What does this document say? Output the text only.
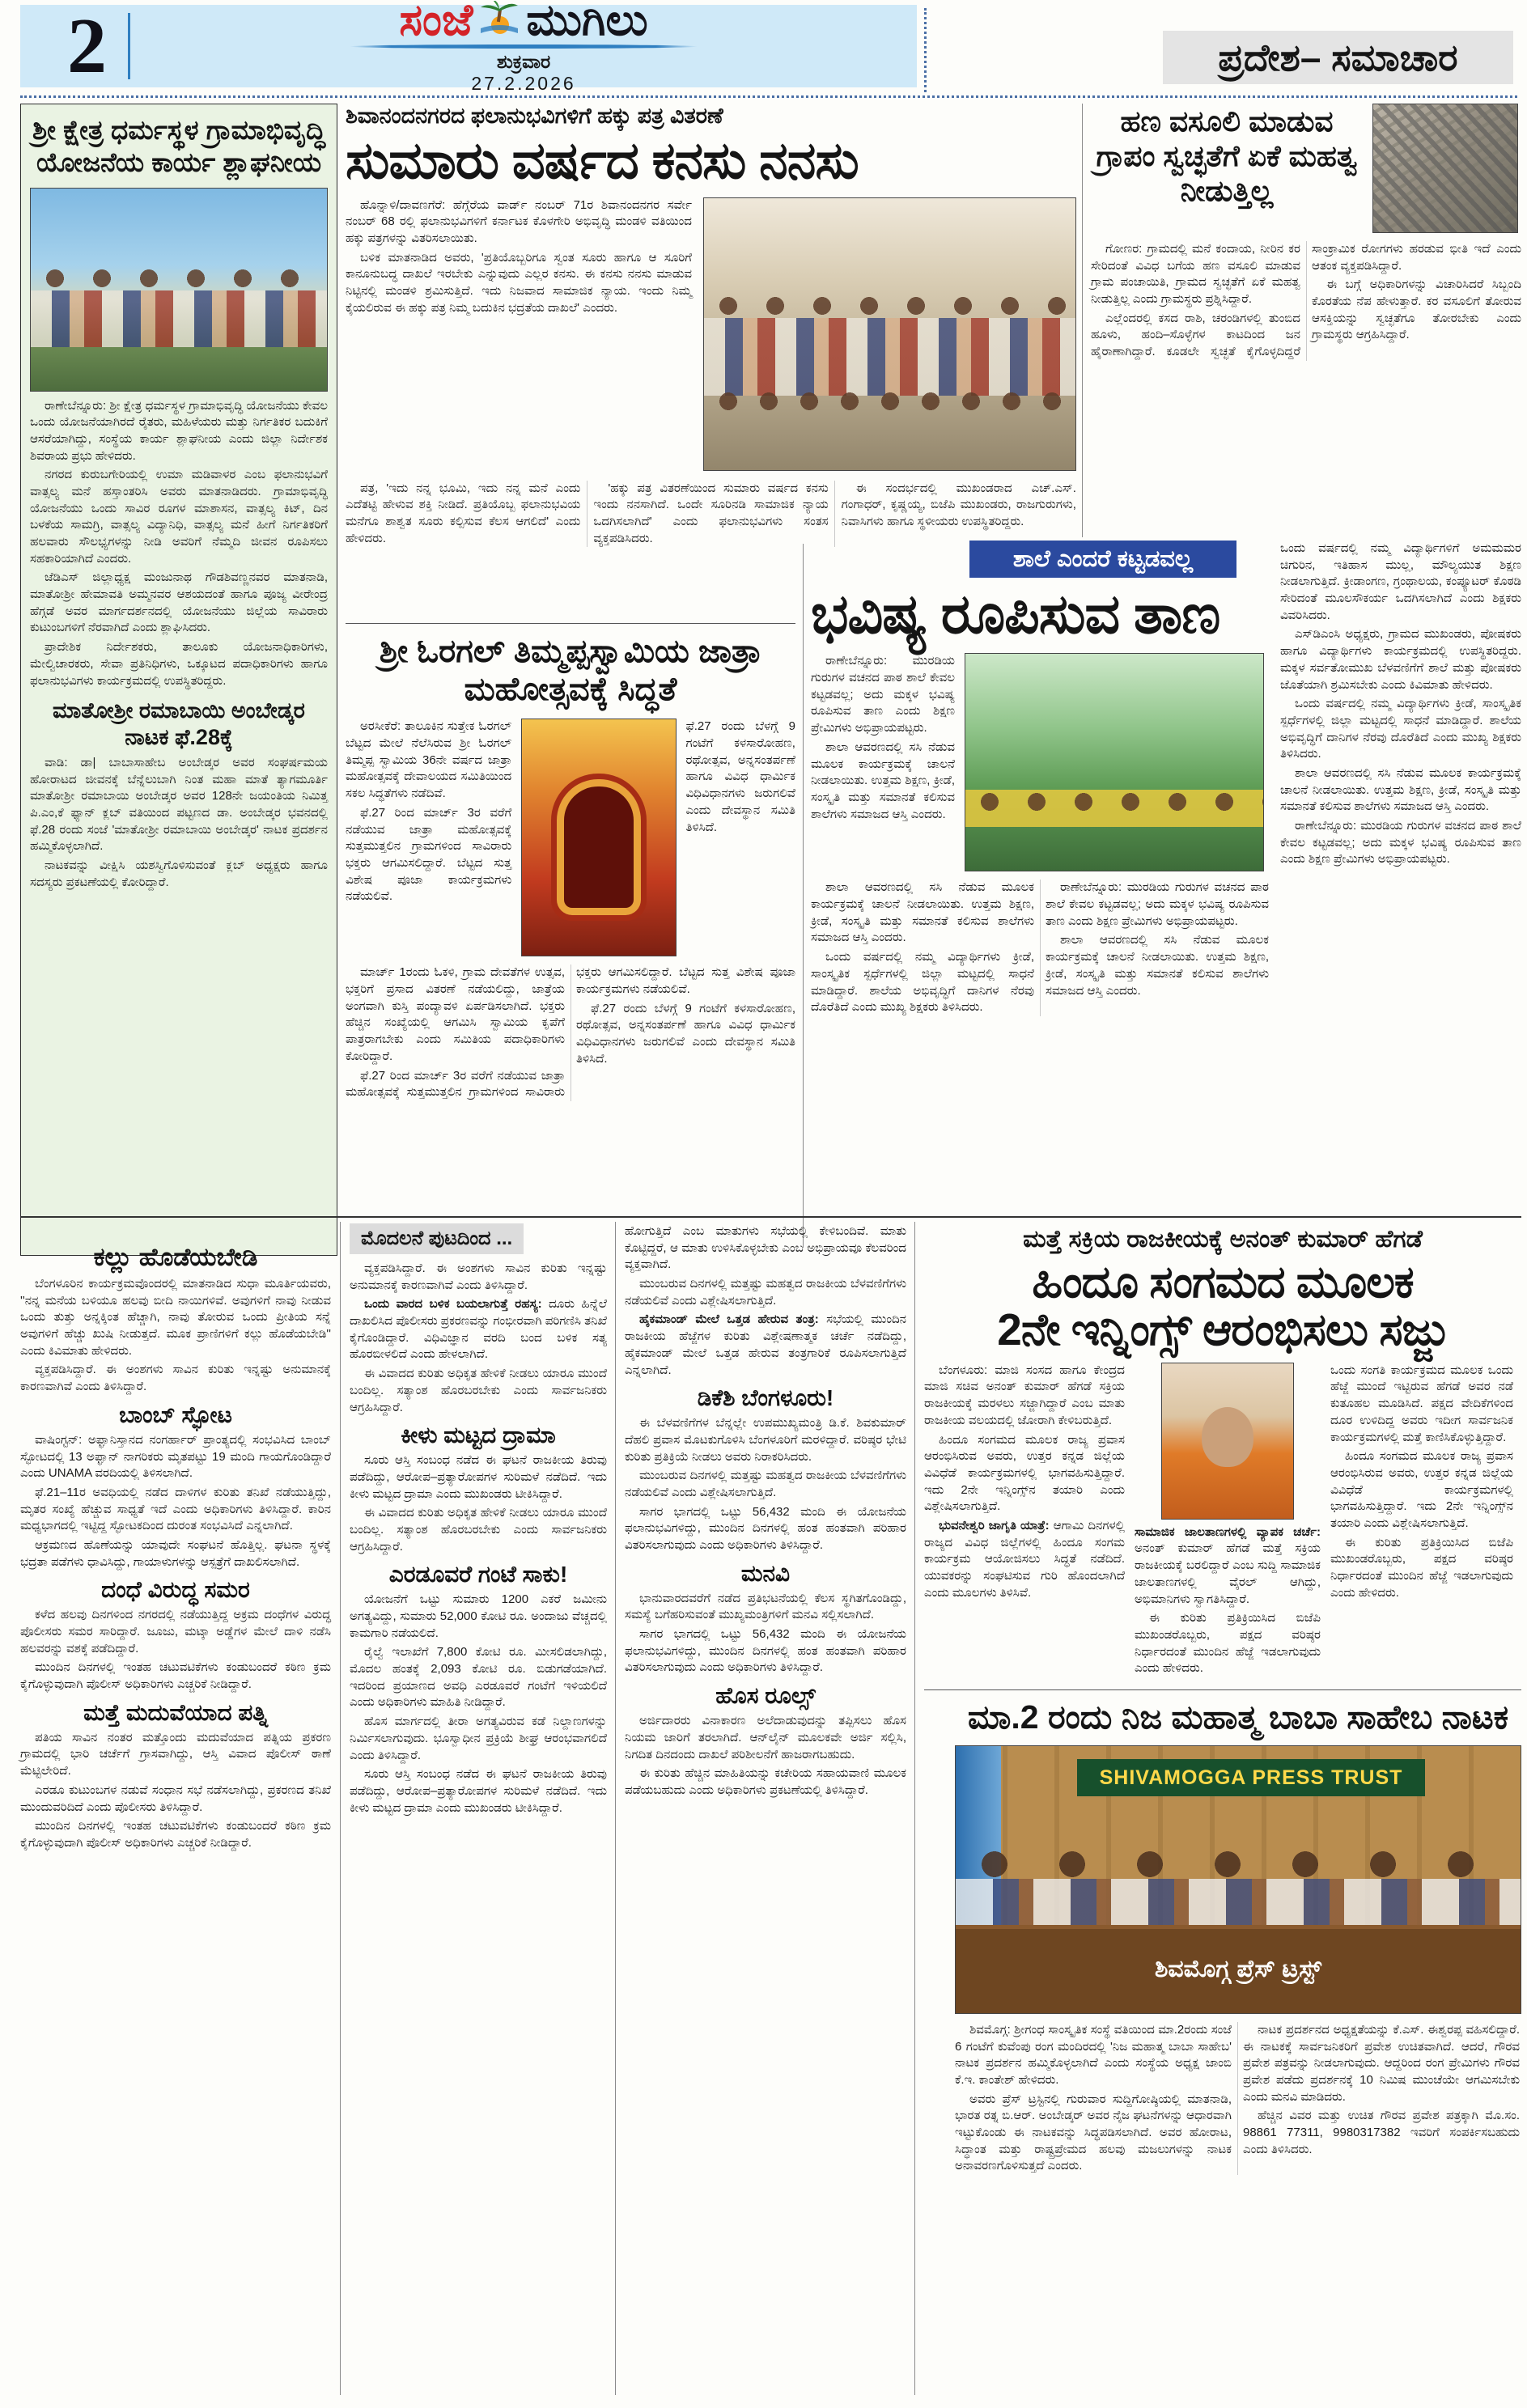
2	ಸಂಜೆ ಮುಗಿಲು
ಶುಕ್ರವಾರ
27.2.2026
ಪ್ರದೇಶ– ಸಮಾಚಾರ
ಶ್ರೀ ಕ್ಷೇತ್ರ ಧರ್ಮಸ್ಥಳ ಗ್ರಾಮಾಭಿವೃದ್ಧಿ ಯೋಜನೆಯ ಕಾರ್ಯ ಶ್ಲಾಘನೀಯ

ರಾಣೇಬೆನ್ನೂರು: ಶ್ರೀ ಕ್ಷೇತ್ರ ಧರ್ಮಸ್ಥಳ ಗ್ರಾಮಾಭಿವೃದ್ಧಿ ಯೋಜನೆಯು ಕೇವಲ ಒಂದು ಯೋಜನೆಯಾಗಿರದೆ ರೈತರು, ಮಹಿಳೆಯರು ಮತ್ತು ನಿರ್ಗತಿಕರ ಬದುಕಿಗೆ ಆಸರೆಯಾಗಿದ್ದು, ಸಂಸ್ಥೆಯ ಕಾರ್ಯ ಶ್ಲಾಘನೀಯ ಎಂದು ಜಿಲ್ಲಾ ನಿರ್ದೇಶಕ ಶಿವರಾಯ ಪ್ರಭು ಹೇಳಿದರು.

ನಗರದ ಕುರುಬಗೇರಿಯಲ್ಲಿ ಉಮಾ ಮಡಿವಾಳರ ಎಂಬ ಫಲಾನುಭವಿಗೆ ವಾತ್ಸಲ್ಯ ಮನೆ ಹಸ್ತಾಂತರಿಸಿ ಅವರು ಮಾತನಾಡಿದರು. ಗ್ರಾಮಾಭಿವೃದ್ಧಿ ಯೋಜನೆಯು ಒಂದು ಸಾವಿರ ರೂಗಳ ಮಾಶಾಸನ, ವಾತ್ಸಲ್ಯ ಕಿಟ್, ದಿನ ಬಳಕೆಯ ಸಾಮಗ್ರಿ, ವಾತ್ಸಲ್ಯ ವಿದ್ಯಾನಿಧಿ, ವಾತ್ಸಲ್ಯ ಮನೆ ಹೀಗೆ ನಿರ್ಗತಿಕರಿಗೆ ಹಲವಾರು ಸೌಲಭ್ಯಗಳನ್ನು ನೀಡಿ ಅವರಿಗೆ ನೆಮ್ಮದಿ ಜೀವನ ರೂಪಿಸಲು ಸಹಕಾರಿಯಾಗಿದೆ ಎಂದರು.

ಜೆಡಿಎಸ್ ಜಿಲ್ಲಾಧ್ಯಕ್ಷ ಮಂಜುನಾಥ ಗೌಡಶಿವಣ್ಣನವರ ಮಾತನಾಡಿ, ಮಾತೋಶ್ರೀ ಹೇಮಾವತಿ ಅಮ್ಮನವರ ಆಶಯದಂತೆ ಹಾಗೂ ಪೂಜ್ಯ ವೀರೇಂದ್ರ ಹೆಗ್ಗಡೆ ಅವರ ಮಾರ್ಗದರ್ಶನದಲ್ಲಿ ಯೋಜನೆಯು ಜಿಲ್ಲೆಯ ಸಾವಿರಾರು ಕುಟುಂಬಗಳಿಗೆ ನೆರವಾಗಿದೆ ಎಂದು ಶ್ಲಾಘಿಸಿದರು.

ಪ್ರಾದೇಶಿಕ ನಿರ್ದೇಶಕರು, ತಾಲೂಕು ಯೋಜನಾಧಿಕಾರಿಗಳು, ಮೇಲ್ವಿಚಾರಕರು, ಸೇವಾ ಪ್ರತಿನಿಧಿಗಳು, ಒಕ್ಕೂಟದ ಪದಾಧಿಕಾರಿಗಳು ಹಾಗೂ ಫಲಾನುಭವಿಗಳು ಕಾರ್ಯಕ್ರಮದಲ್ಲಿ ಉಪಸ್ಥಿತರಿದ್ದರು.

ಮಾತೋಶ್ರೀ ರಮಾಬಾಯಿ ಅಂಬೇಡ್ಕರ ನಾಟಕ ಫೆ.28ಕ್ಕೆ

ವಾಡಿ: ಡಾ| ಬಾಬಾಸಾಹೇಬ ಅಂಬೇಡ್ಕರ ಅವರ ಸಂಘರ್ಷಮಯ ಹೋರಾಟದ ಜೀವನಕ್ಕೆ ಬೆನ್ನೆಲುಬಾಗಿ ನಿಂತ ಮಹಾ ಮಾತೆ ತ್ಯಾಗಮೂರ್ತಿ ಮಾತೋಶ್ರೀ ರಮಾಬಾಯಿ ಅಂಬೇಡ್ಕರ ಅವರ 128ನೇ ಜಯಂತಿಯ ನಿಮಿತ್ತ ಪಿ.ಎಂ,ಕೆ ಫ್ಯಾನ್ ಕ್ಲಬ್ ವತಿಯಿಂದ ಪಟ್ಟಣದ ಡಾ. ಅಂಬೇಡ್ಕರ ಭವನದಲ್ಲಿ ಫೆ.28 ರಂದು ಸಂಜೆ 'ಮಾತೋಶ್ರೀ ರಮಾಬಾಯಿ ಅಂಬೇಡ್ಕರ' ನಾಟಕ ಪ್ರದರ್ಶನ ಹಮ್ಮಿಕೊಳ್ಳಲಾಗಿದೆ.

ನಾಟಕವನ್ನು ವೀಕ್ಷಿಸಿ ಯಶಸ್ವಿಗೊಳಿಸುವಂತೆ ಕ್ಲಬ್ ಅಧ್ಯಕ್ಷರು ಹಾಗೂ ಸದಸ್ಯರು ಪ್ರಕಟಣೆಯಲ್ಲಿ ಕೋರಿದ್ದಾರೆ.

ಶಿವಾನಂದನಗರದ ಫಲಾನುಭವಿಗಳಿಗೆ ಹಕ್ಕು ಪತ್ರ ವಿತರಣೆ
ಸುಮಾರು ವರ್ಷದ ಕನಸು ನನಸು

ಹೊನ್ನಾಳಿ/ದಾವಣಗೆರೆ: ಹೆಗ್ಗೆರೆಯ ವಾರ್ಡ್ ನಂಬರ್ 71ರ ಶಿವಾನಂದನಗರ ಸರ್ವೇ ನಂಬರ್ 68 ರಲ್ಲಿ ಫಲಾನುಭವಿಗಳಿಗೆ ಕರ್ನಾಟಕ ಕೊಳಗೇರಿ ಅಭಿವೃದ್ಧಿ ಮಂಡಳಿ ವತಿಯಿಂದ ಹಕ್ಕು ಪತ್ರಗಳನ್ನು ವಿತರಿಸಲಾಯಿತು.

ಬಳಿಕ ಮಾತನಾಡಿದ ಅವರು, 'ಪ್ರತಿಯೊಬ್ಬರಿಗೂ ಸ್ವಂತ ಸೂರು ಹಾಗೂ ಆ ಸೂರಿಗೆ ಕಾನೂನುಬದ್ಧ ದಾಖಲೆ ಇರಬೇಕು ಎನ್ನುವುದು ಎಲ್ಲರ ಕನಸು. ಈ ಕನಸು ನನಸು ಮಾಡುವ ನಿಟ್ಟಿನಲ್ಲಿ ಮಂಡಳಿ ಶ್ರಮಿಸುತ್ತಿದೆ. ಇದು ನಿಜವಾದ ಸಾಮಾಜಿಕ ನ್ಯಾಯ. ಇಂದು ನಿಮ್ಮ ಕೈಯಲಿರುವ ಈ ಹಕ್ಕು ಪತ್ರ ನಿಮ್ಮ ಬದುಕಿನ ಭದ್ರತೆಯ ದಾಖಲೆ' ಎಂದರು.

ಪತ್ರ, 'ಇದು ನನ್ನ ಭೂಮಿ, ಇದು ನನ್ನ ಮನೆ ಎಂದು ಎದೆತಟ್ಟಿ ಹೇಳುವ ಶಕ್ತಿ ನೀಡಿದೆ. ಪ್ರತಿಯೊಬ್ಬ ಫಲಾನುಭವಿಯ ಮನೆಗೂ ಶಾಶ್ವತ ಸೂರು ಕಲ್ಪಿಸುವ ಕೆಲಸ ಆಗಲಿದೆ' ಎಂದು ಹೇಳಿದರು.

'ಹಕ್ಕು ಪತ್ರ ವಿತರಣೆಯಿಂದ ಸುಮಾರು ವರ್ಷದ ಕನಸು ಇಂದು ನನಸಾಗಿದೆ. ಒಂದೇ ಸೂರಿನಡಿ ಸಾಮಾಜಿಕ ನ್ಯಾಯ ಒದಗಿಸಲಾಗಿದೆ' ಎಂದು ಫಲಾನುಭವಿಗಳು ಸಂತಸ ವ್ಯಕ್ತಪಡಿಸಿದರು.

ಈ ಸಂದರ್ಭದಲ್ಲಿ ಮುಖಂಡರಾದ ಎಚ್.ಎಸ್. ಗಂಗಾಧರ್, ಕೃಷ್ಣಯ್ಯ, ಬಿಜೆಪಿ ಮುಖಂಡರು, ರಾಜಗುರುಗಳು, ನಿವಾಸಿಗಳು ಹಾಗೂ ಸ್ಥಳೀಯರು ಉಪಸ್ಥಿತರಿದ್ದರು.

ಹಣ ವಸೂಲಿ ಮಾಡುವ ಗ್ರಾಪಂ ಸ್ವಚ್ಛತೆಗೆ ಏಕೆ ಮಹತ್ವ ನೀಡುತ್ತಿಲ್ಲ

ಗೋಣರ: ಗ್ರಾಮದಲ್ಲಿ ಮನೆ ಕಂದಾಯ, ನೀರಿನ ಕರ ಸೇರಿದಂತೆ ವಿವಿಧ ಬಗೆಯ ಹಣ ವಸೂಲಿ ಮಾಡುವ ಗ್ರಾಮ ಪಂಚಾಯಿತಿ, ಗ್ರಾಮದ ಸ್ವಚ್ಛತೆಗೆ ಏಕೆ ಮಹತ್ವ ನೀಡುತ್ತಿಲ್ಲ ಎಂದು ಗ್ರಾಮಸ್ಥರು ಪ್ರಶ್ನಿಸಿದ್ದಾರೆ.

ಎಲ್ಲೆಂದರಲ್ಲಿ ಕಸದ ರಾಶಿ, ಚರಂಡಿಗಳಲ್ಲಿ ತುಂಬಿದ ಹೂಳು, ಹಂದಿ–ಸೊಳ್ಳೆಗಳ ಕಾಟದಿಂದ ಜನ ಹೈರಾಣಾಗಿದ್ದಾರೆ. ಕೂಡಲೇ ಸ್ವಚ್ಛತೆ ಕೈಗೊಳ್ಳದಿದ್ದರೆ ಸಾಂಕ್ರಾಮಿಕ ರೋಗಗಳು ಹರಡುವ ಭೀತಿ ಇದೆ ಎಂದು ಆತಂಕ ವ್ಯಕ್ತಪಡಿಸಿದ್ದಾರೆ.

ಈ ಬಗ್ಗೆ ಅಧಿಕಾರಿಗಳನ್ನು ವಿಚಾರಿಸಿದರೆ ಸಿಬ್ಬಂದಿ ಕೊರತೆಯ ನೆಪ ಹೇಳುತ್ತಾರೆ. ಕರ ವಸೂಲಿಗೆ ತೋರುವ ಆಸಕ್ತಿಯನ್ನು ಸ್ವಚ್ಛತೆಗೂ ತೋರಬೇಕು ಎಂದು ಗ್ರಾಮಸ್ಥರು ಆಗ್ರಹಿಸಿದ್ದಾರೆ.

ಶ್ರೀ ಓರಗಲ್ ತಿಮ್ಮಪ್ಪಸ್ವಾಮಿಯ ಜಾತ್ರಾ ಮಹೋತ್ಸವಕ್ಕೆ ಸಿದ್ಧತೆ

ಅರಸೀಕೆರೆ: ತಾಲೂಕಿನ ಸುತ್ತೇಕ ಓರಗಲ್ ಬೆಟ್ಟದ ಮೇಲೆ ನೆಲೆಸಿರುವ ಶ್ರೀ ಓರಗಲ್ ತಿಮ್ಮಪ್ಪ ಸ್ವಾಮಿಯ 36ನೇ ವರ್ಷದ ಜಾತ್ರಾ ಮಹೋತ್ಸವಕ್ಕೆ ದೇವಾಲಯದ ಸಮಿತಿಯಿಂದ ಸಕಲ ಸಿದ್ಧತೆಗಳು ನಡೆದಿವೆ.

ಫೆ.27 ರಿಂದ ಮಾರ್ಚ್ 3ರ ವರೆಗೆ ನಡೆಯುವ ಜಾತ್ರಾ ಮಹೋತ್ಸವಕ್ಕೆ ಸುತ್ತಮುತ್ತಲಿನ ಗ್ರಾಮಗಳಿಂದ ಸಾವಿರಾರು ಭಕ್ತರು ಆಗಮಿಸಲಿದ್ದಾರೆ. ಬೆಟ್ಟದ ಸುತ್ತ ವಿಶೇಷ ಪೂಜಾ ಕಾರ್ಯಕ್ರಮಗಳು ನಡೆಯಲಿವೆ.

ಫೆ.27 ರಂದು ಬೆಳಗ್ಗೆ 9 ಗಂಟೆಗೆ ಕಳಸಾರೋಹಣ, ರಥೋತ್ಸವ, ಅನ್ನಸಂತರ್ಪಣೆ ಹಾಗೂ ವಿವಿಧ ಧಾರ್ಮಿಕ ವಿಧಿವಿಧಾನಗಳು ಜರುಗಲಿವೆ ಎಂದು ದೇವಸ್ಥಾನ ಸಮಿತಿ ತಿಳಿಸಿದೆ.

ಮಾರ್ಚ್ 1ರಂದು ಓಕಳಿ, ಗ್ರಾಮ ದೇವತೆಗಳ ಉತ್ಸವ, ಭಕ್ತರಿಗೆ ಪ್ರಸಾದ ವಿತರಣೆ ನಡೆಯಲಿದ್ದು, ಜಾತ್ರೆಯ ಅಂಗವಾಗಿ ಕುಸ್ತಿ ಪಂದ್ಯಾವಳಿ ಏರ್ಪಡಿಸಲಾಗಿದೆ. ಭಕ್ತರು ಹೆಚ್ಚಿನ ಸಂಖ್ಯೆಯಲ್ಲಿ ಆಗಮಿಸಿ ಸ್ವಾಮಿಯ ಕೃಪೆಗೆ ಪಾತ್ರರಾಗಬೇಕು ಎಂದು ಸಮಿತಿಯ ಪದಾಧಿಕಾರಿಗಳು ಕೋರಿದ್ದಾರೆ.

ಫೆ.27 ರಿಂದ ಮಾರ್ಚ್ 3ರ ವರೆಗೆ ನಡೆಯುವ ಜಾತ್ರಾ ಮಹೋತ್ಸವಕ್ಕೆ ಸುತ್ತಮುತ್ತಲಿನ ಗ್ರಾಮಗಳಿಂದ ಸಾವಿರಾರು ಭಕ್ತರು ಆಗಮಿಸಲಿದ್ದಾರೆ. ಬೆಟ್ಟದ ಸುತ್ತ ವಿಶೇಷ ಪೂಜಾ ಕಾರ್ಯಕ್ರಮಗಳು ನಡೆಯಲಿವೆ.

ಫೆ.27 ರಂದು ಬೆಳಗ್ಗೆ 9 ಗಂಟೆಗೆ ಕಳಸಾರೋಹಣ, ರಥೋತ್ಸವ, ಅನ್ನಸಂತರ್ಪಣೆ ಹಾಗೂ ವಿವಿಧ ಧಾರ್ಮಿಕ ವಿಧಿವಿಧಾನಗಳು ಜರುಗಲಿವೆ ಎಂದು ದೇವಸ್ಥಾನ ಸಮಿತಿ ತಿಳಿಸಿದೆ.

ಶಾಲೆ ಎಂದರೆ ಕಟ್ಟಡವಲ್ಲ
ಭವಿಷ್ಯ ರೂಪಿಸುವ ತಾಣ

ರಾಣೇಬೆನ್ನೂರು: ಮುರಡಿಯ ಗುರುಗಳ ವಚನದ ಪಾಠ ಶಾಲೆ ಕೇವಲ ಕಟ್ಟಡವಲ್ಲ; ಅದು ಮಕ್ಕಳ ಭವಿಷ್ಯ ರೂಪಿಸುವ ತಾಣ ಎಂದು ಶಿಕ್ಷಣ ಪ್ರೇಮಿಗಳು ಅಭಿಪ್ರಾಯಪಟ್ಟರು.

ಶಾಲಾ ಆವರಣದಲ್ಲಿ ಸಸಿ ನೆಡುವ ಮೂಲಕ ಕಾರ್ಯಕ್ರಮಕ್ಕೆ ಚಾಲನೆ ನೀಡಲಾಯಿತು. ಉತ್ತಮ ಶಿಕ್ಷಣ, ಕ್ರೀಡೆ, ಸಂಸ್ಕೃತಿ ಮತ್ತು ಸಮಾನತೆ ಕಲಿಸುವ ಶಾಲೆಗಳು ಸಮಾಜದ ಆಸ್ತಿ ಎಂದರು.

ಶಾಲಾ ಆವರಣದಲ್ಲಿ ಸಸಿ ನೆಡುವ ಮೂಲಕ ಕಾರ್ಯಕ್ರಮಕ್ಕೆ ಚಾಲನೆ ನೀಡಲಾಯಿತು. ಉತ್ತಮ ಶಿಕ್ಷಣ, ಕ್ರೀಡೆ, ಸಂಸ್ಕೃತಿ ಮತ್ತು ಸಮಾನತೆ ಕಲಿಸುವ ಶಾಲೆಗಳು ಸಮಾಜದ ಆಸ್ತಿ ಎಂದರು.

ಒಂದು ವರ್ಷದಲ್ಲಿ ನಮ್ಮ ವಿದ್ಯಾರ್ಥಿಗಳು ಕ್ರೀಡೆ, ಸಾಂಸ್ಕೃತಿಕ ಸ್ಪರ್ಧೆಗಳಲ್ಲಿ ಜಿಲ್ಲಾ ಮಟ್ಟದಲ್ಲಿ ಸಾಧನೆ ಮಾಡಿದ್ದಾರೆ. ಶಾಲೆಯ ಅಭಿವೃದ್ಧಿಗೆ ದಾನಿಗಳ ನೆರವು ದೊರೆತಿದೆ ಎಂದು ಮುಖ್ಯ ಶಿಕ್ಷಕರು ತಿಳಿಸಿದರು.

ರಾಣೇಬೆನ್ನೂರು: ಮುರಡಿಯ ಗುರುಗಳ ವಚನದ ಪಾಠ ಶಾಲೆ ಕೇವಲ ಕಟ್ಟಡವಲ್ಲ; ಅದು ಮಕ್ಕಳ ಭವಿಷ್ಯ ರೂಪಿಸುವ ತಾಣ ಎಂದು ಶಿಕ್ಷಣ ಪ್ರೇಮಿಗಳು ಅಭಿಪ್ರಾಯಪಟ್ಟರು.

ಶಾಲಾ ಆವರಣದಲ್ಲಿ ಸಸಿ ನೆಡುವ ಮೂಲಕ ಕಾರ್ಯಕ್ರಮಕ್ಕೆ ಚಾಲನೆ ನೀಡಲಾಯಿತು. ಉತ್ತಮ ಶಿಕ್ಷಣ, ಕ್ರೀಡೆ, ಸಂಸ್ಕೃತಿ ಮತ್ತು ಸಮಾನತೆ ಕಲಿಸುವ ಶಾಲೆಗಳು ಸಮಾಜದ ಆಸ್ತಿ ಎಂದರು.

ಒಂದು ವರ್ಷದಲ್ಲಿ ನಮ್ಮ ವಿದ್ಯಾರ್ಥಿಗಳಿಗೆ ಅಮಮಮರ ಚಿಗುರಿನ, ಇತಿಹಾಸ ಮುಲ್ಲ, ಮೌಲ್ಯಯುತ ಶಿಕ್ಷಣ ನೀಡಲಾಗುತ್ತಿದೆ. ಕ್ರೀಡಾಂಗಣ, ಗ್ರಂಥಾಲಯ, ಕಂಪ್ಯೂಟರ್ ಕೊಠಡಿ ಸೇರಿದಂತೆ ಮೂಲಸೌಕರ್ಯ ಒದಗಿಸಲಾಗಿದೆ ಎಂದು ಶಿಕ್ಷಕರು ವಿವರಿಸಿದರು.

ಎಸ್‌ಡಿಎಂಸಿ ಅಧ್ಯಕ್ಷರು, ಗ್ರಾಮದ ಮುಖಂಡರು, ಪೋಷಕರು ಹಾಗೂ ವಿದ್ಯಾರ್ಥಿಗಳು ಕಾರ್ಯಕ್ರಮದಲ್ಲಿ ಉಪಸ್ಥಿತರಿದ್ದರು. ಮಕ್ಕಳ ಸರ್ವತೋಮುಖ ಬೆಳವಣಿಗೆಗೆ ಶಾಲೆ ಮತ್ತು ಪೋಷಕರು ಜೊತೆಯಾಗಿ ಶ್ರಮಿಸಬೇಕು ಎಂದು ಕಿವಿಮಾತು ಹೇಳಿದರು.

ಒಂದು ವರ್ಷದಲ್ಲಿ ನಮ್ಮ ವಿದ್ಯಾರ್ಥಿಗಳು ಕ್ರೀಡೆ, ಸಾಂಸ್ಕೃತಿಕ ಸ್ಪರ್ಧೆಗಳಲ್ಲಿ ಜಿಲ್ಲಾ ಮಟ್ಟದಲ್ಲಿ ಸಾಧನೆ ಮಾಡಿದ್ದಾರೆ. ಶಾಲೆಯ ಅಭಿವೃದ್ಧಿಗೆ ದಾನಿಗಳ ನೆರವು ದೊರೆತಿದೆ ಎಂದು ಮುಖ್ಯ ಶಿಕ್ಷಕರು ತಿಳಿಸಿದರು.

ಶಾಲಾ ಆವರಣದಲ್ಲಿ ಸಸಿ ನೆಡುವ ಮೂಲಕ ಕಾರ್ಯಕ್ರಮಕ್ಕೆ ಚಾಲನೆ ನೀಡಲಾಯಿತು. ಉತ್ತಮ ಶಿಕ್ಷಣ, ಕ್ರೀಡೆ, ಸಂಸ್ಕೃತಿ ಮತ್ತು ಸಮಾನತೆ ಕಲಿಸುವ ಶಾಲೆಗಳು ಸಮಾಜದ ಆಸ್ತಿ ಎಂದರು.

ರಾಣೇಬೆನ್ನೂರು: ಮುರಡಿಯ ಗುರುಗಳ ವಚನದ ಪಾಠ ಶಾಲೆ ಕೇವಲ ಕಟ್ಟಡವಲ್ಲ; ಅದು ಮಕ್ಕಳ ಭವಿಷ್ಯ ರೂಪಿಸುವ ತಾಣ ಎಂದು ಶಿಕ್ಷಣ ಪ್ರೇಮಿಗಳು ಅಭಿಪ್ರಾಯಪಟ್ಟರು.

ಕಲ್ಲು ಹೊಡೆಯಬೇಡಿ

ಬೆಂಗಳೂರಿನ ಕಾರ್ಯಕ್ರಮವೊಂದರಲ್ಲಿ ಮಾತನಾಡಿದ ಸುಧಾ ಮೂರ್ತಿಯವರು, ''ನನ್ನ ಮನೆಯ ಬಳಿಯೂ ಹಲವು ಬೀದಿ ನಾಯಿಗಳಿವೆ. ಅವುಗಳಿಗೆ ನಾವು ನೀಡುವ ಒಂದು ತುತ್ತು ಅನ್ನಕ್ಕಿಂತ ಹೆಚ್ಚಾಗಿ, ನಾವು ತೋರುವ ಒಂದು ಪ್ರೀತಿಯ ಸನ್ನೆ ಅವುಗಳಿಗೆ ಹೆಚ್ಚು ಖುಷಿ ನೀಡುತ್ತದೆ. ಮೂಕ ಪ್ರಾಣಿಗಳಿಗೆ ಕಲ್ಲು ಹೊಡೆಯಬೇಡಿ'' ಎಂದು ಕಿವಿಮಾತು ಹೇಳಿದರು.

ವ್ಯಕ್ತಪಡಿಸಿದ್ದಾರೆ. ಈ ಅಂಶಗಳು ಸಾವಿನ ಕುರಿತು ಇನ್ನಷ್ಟು ಅನುಮಾನಕ್ಕೆ ಕಾರಣವಾಗಿವೆ ಎಂದು ತಿಳಿಸಿದ್ದಾರೆ.

ಬಾಂಬ್ ಸ್ಫೋಟ

ವಾಷಿಂಗ್ಟನ್: ಅಫ್ಘಾನಿಸ್ತಾನದ ನಂಗರ್ಹಾರ್ ಪ್ರಾಂತ್ಯದಲ್ಲಿ ಸಂಭವಿಸಿದ ಬಾಂಬ್ ಸ್ಫೋಟದಲ್ಲಿ 13 ಅಫ್ಘಾನ್ ನಾಗರಿಕರು ಮೃತಪಟ್ಟು 19 ಮಂದಿ ಗಾಯಗೊಂಡಿದ್ದಾರೆ ಎಂದು UNAMA ವರದಿಯಲ್ಲಿ ತಿಳಿಸಲಾಗಿದೆ.

ಫೆ.21–11ರ ಅವಧಿಯಲ್ಲಿ ನಡೆದ ದಾಳಿಗಳ ಕುರಿತು ತನಿಖೆ ನಡೆಯುತ್ತಿದ್ದು, ಮೃತರ ಸಂಖ್ಯೆ ಹೆಚ್ಚುವ ಸಾಧ್ಯತೆ ಇದೆ ಎಂದು ಅಧಿಕಾರಿಗಳು ತಿಳಿಸಿದ್ದಾರೆ. ಕಾರಿನ ಮಧ್ಯಭಾಗದಲ್ಲಿ ಇಟ್ಟಿದ್ದ ಸ್ಫೋಟಕದಿಂದ ದುರಂತ ಸಂಭವಿಸಿದೆ ಎನ್ನಲಾಗಿದೆ.

ಆಕ್ರಮಣದ ಹೊಣೆಯನ್ನು ಯಾವುದೇ ಸಂಘಟನೆ ಹೊತ್ತಿಲ್ಲ. ಘಟನಾ ಸ್ಥಳಕ್ಕೆ ಭದ್ರತಾ ಪಡೆಗಳು ಧಾವಿಸಿದ್ದು, ಗಾಯಾಳುಗಳನ್ನು ಆಸ್ಪತ್ರೆಗೆ ದಾಖಲಿಸಲಾಗಿದೆ.

ದಂಧೆ ವಿರುದ್ಧ ಸಮರ

ಕಳೆದ ಹಲವು ದಿನಗಳಿಂದ ನಗರದಲ್ಲಿ ನಡೆಯುತ್ತಿದ್ದ ಅಕ್ರಮ ದಂಧೆಗಳ ವಿರುದ್ಧ ಪೊಲೀಸರು ಸಮರ ಸಾರಿದ್ದಾರೆ. ಜೂಜು, ಮಟ್ಕಾ ಅಡ್ಡೆಗಳ ಮೇಲೆ ದಾಳಿ ನಡೆಸಿ ಹಲವರನ್ನು ವಶಕ್ಕೆ ಪಡೆದಿದ್ದಾರೆ.

ಮುಂದಿನ ದಿನಗಳಲ್ಲಿ ಇಂತಹ ಚಟುವಟಿಕೆಗಳು ಕಂಡುಬಂದರೆ ಕಠಿಣ ಕ್ರಮ ಕೈಗೊಳ್ಳುವುದಾಗಿ ಪೊಲೀಸ್ ಅಧಿಕಾರಿಗಳು ಎಚ್ಚರಿಕೆ ನೀಡಿದ್ದಾರೆ.

ಮತ್ತೆ ಮದುವೆಯಾದ ಪತ್ನಿ

ಪತಿಯ ಸಾವಿನ ನಂತರ ಮತ್ತೊಂದು ಮದುವೆಯಾದ ಪತ್ನಿಯ ಪ್ರಕರಣ ಗ್ರಾಮದಲ್ಲಿ ಭಾರಿ ಚರ್ಚೆಗೆ ಗ್ರಾಸವಾಗಿದ್ದು, ಆಸ್ತಿ ವಿವಾದ ಪೊಲೀಸ್ ಠಾಣೆ ಮೆಟ್ಟಿಲೇರಿದೆ.

ಎರಡೂ ಕುಟುಂಬಗಳ ನಡುವೆ ಸಂಧಾನ ಸಭೆ ನಡೆಸಲಾಗಿದ್ದು, ಪ್ರಕರಣದ ತನಿಖೆ ಮುಂದುವರಿದಿದೆ ಎಂದು ಪೊಲೀಸರು ತಿಳಿಸಿದ್ದಾರೆ.

ಮುಂದಿನ ದಿನಗಳಲ್ಲಿ ಇಂತಹ ಚಟುವಟಿಕೆಗಳು ಕಂಡುಬಂದರೆ ಕಠಿಣ ಕ್ರಮ ಕೈಗೊಳ್ಳುವುದಾಗಿ ಪೊಲೀಸ್ ಅಧಿಕಾರಿಗಳು ಎಚ್ಚರಿಕೆ ನೀಡಿದ್ದಾರೆ.

ಮೊದಲನೆ ಪುಟದಿಂದ ...

ವ್ಯಕ್ತಪಡಿಸಿದ್ದಾರೆ. ಈ ಅಂಶಗಳು ಸಾವಿನ ಕುರಿತು ಇನ್ನಷ್ಟು ಅನುಮಾನಕ್ಕೆ ಕಾರಣವಾಗಿವೆ ಎಂದು ತಿಳಿಸಿದ್ದಾರೆ.

ಒಂದು ವಾರದ ಬಳಿಕ ಬಯಲಾಗುತ್ತೆ ರಹಸ್ಯ: ದೂರು ಹಿನ್ನೆಲೆ ದಾಖಲಿಸಿದ ಪೊಲೀಸರು ಪ್ರಕರಣವನ್ನು ಗಂಭೀರವಾಗಿ ಪರಿಗಣಿಸಿ ತನಿಖೆ ಕೈಗೊಂಡಿದ್ದಾರೆ. ವಿಧಿವಿಜ್ಞಾನ ವರದಿ ಬಂದ ಬಳಿಕ ಸತ್ಯ ಹೊರಬೀಳಲಿದೆ ಎಂದು ಹೇಳಲಾಗಿದೆ.

ಈ ವಿವಾದದ ಕುರಿತು ಅಧಿಕೃತ ಹೇಳಿಕೆ ನೀಡಲು ಯಾರೂ ಮುಂದೆ ಬಂದಿಲ್ಲ. ಸತ್ಯಾಂಶ ಹೊರಬರಬೇಕು ಎಂದು ಸಾರ್ವಜನಿಕರು ಆಗ್ರಹಿಸಿದ್ದಾರೆ.

ಕೀಳು ಮಟ್ಟದ ದ್ರಾಮಾ

ಸೂರು ಆಸ್ತಿ ಸಂಬಂಧ ನಡೆದ ಈ ಘಟನೆ ರಾಜಕೀಯ ತಿರುವು ಪಡೆದಿದ್ದು, ಆರೋಪ–ಪ್ರತ್ಯಾರೋಪಗಳ ಸುರಿಮಳೆ ನಡೆದಿದೆ. ಇದು ಕೀಳು ಮಟ್ಟದ ದ್ರಾಮಾ ಎಂದು ಮುಖಂಡರು ಟೀಕಿಸಿದ್ದಾರೆ.

ಈ ವಿವಾದದ ಕುರಿತು ಅಧಿಕೃತ ಹೇಳಿಕೆ ನೀಡಲು ಯಾರೂ ಮುಂದೆ ಬಂದಿಲ್ಲ. ಸತ್ಯಾಂಶ ಹೊರಬರಬೇಕು ಎಂದು ಸಾರ್ವಜನಿಕರು ಆಗ್ರಹಿಸಿದ್ದಾರೆ.

ಎರಡೂವರೆ ಗಂಟೆ ಸಾಕು!

ಯೋಜನೆಗೆ ಒಟ್ಟು ಸುಮಾರು 1200 ಎಕರೆ ಜಮೀನು ಅಗತ್ಯವಿದ್ದು, ಸುಮಾರು 52,000 ಕೋಟಿ ರೂ. ಅಂದಾಜು ವೆಚ್ಚದಲ್ಲಿ ಕಾಮಗಾರಿ ನಡೆಯಲಿದೆ.

ರೈಲ್ವೆ ಇಲಾಖೆಗೆ 7,800 ಕೋಟಿ ರೂ. ಮೀಸಲಿಡಲಾಗಿದ್ದು, ಮೊದಲ ಹಂತಕ್ಕೆ 2,093 ಕೋಟಿ ರೂ. ಬಿಡುಗಡೆಯಾಗಿದೆ. ಇದರಿಂದ ಪ್ರಯಾಣದ ಅವಧಿ ಎರಡೂವರೆ ಗಂಟೆಗೆ ಇಳಿಯಲಿದೆ ಎಂದು ಅಧಿಕಾರಿಗಳು ಮಾಹಿತಿ ನೀಡಿದ್ದಾರೆ.

ಹೊಸ ಮಾರ್ಗದಲ್ಲಿ ತೀರಾ ಅಗತ್ಯವಿರುವ ಕಡೆ ನಿಲ್ದಾಣಗಳನ್ನು ನಿರ್ಮಿಸಲಾಗುವುದು. ಭೂಸ್ವಾಧೀನ ಪ್ರಕ್ರಿಯೆ ಶೀಘ್ರ ಆರಂಭವಾಗಲಿದೆ ಎಂದು ತಿಳಿಸಿದ್ದಾರೆ.

ಸೂರು ಆಸ್ತಿ ಸಂಬಂಧ ನಡೆದ ಈ ಘಟನೆ ರಾಜಕೀಯ ತಿರುವು ಪಡೆದಿದ್ದು, ಆರೋಪ–ಪ್ರತ್ಯಾರೋಪಗಳ ಸುರಿಮಳೆ ನಡೆದಿದೆ. ಇದು ಕೀಳು ಮಟ್ಟದ ದ್ರಾಮಾ ಎಂದು ಮುಖಂಡರು ಟೀಕಿಸಿದ್ದಾರೆ.

ಹೋಗುತ್ತಿದೆ ಎಂಬ ಮಾತುಗಳು ಸಭೆಯಲ್ಲಿ ಕೇಳಿಬಂದಿವೆ. ಮಾತು ಕೊಟ್ಟಿದ್ದರೆ, ಆ ಮಾತು ಉಳಿಸಿಕೊಳ್ಳಬೇಕು ಎಂಬ ಅಭಿಪ್ರಾಯವೂ ಕೆಲವರಿಂದ ವ್ಯಕ್ತವಾಗಿದೆ.

ಮುಂಬರುವ ದಿನಗಳಲ್ಲಿ ಮತ್ತಷ್ಟು ಮಹತ್ವದ ರಾಜಕೀಯ ಬೆಳವಣಿಗೆಗಳು ನಡೆಯಲಿವೆ ಎಂದು ವಿಶ್ಲೇಷಿಸಲಾಗುತ್ತಿದೆ.

ಹೈಕಮಾಂಡ್ ಮೇಲೆ ಒತ್ತಡ ಹೇರುವ ತಂತ್ರ: ಸಭೆಯಲ್ಲಿ ಮುಂದಿನ ರಾಜಕೀಯ ಹೆಜ್ಜೆಗಳ ಕುರಿತು ವಿಶ್ಲೇಷಣಾತ್ಮಕ ಚರ್ಚೆ ನಡೆದಿದ್ದು, ಹೈಕಮಾಂಡ್ ಮೇಲೆ ಒತ್ತಡ ಹೇರುವ ತಂತ್ರಗಾರಿಕೆ ರೂಪಿಸಲಾಗುತ್ತಿದೆ ಎನ್ನಲಾಗಿದೆ.

ಡಿಕೆಶಿ ಬೆಂಗಳೂರು!

ಈ ಬೆಳವಣಿಗೆಗಳ ಬೆನ್ನಲ್ಲೇ ಉಪಮುಖ್ಯಮಂತ್ರಿ ಡಿ.ಕೆ. ಶಿವಕುಮಾರ್ ದೆಹಲಿ ಪ್ರವಾಸ ಮೊಟಕುಗೊಳಿಸಿ ಬೆಂಗಳೂರಿಗೆ ಮರಳಿದ್ದಾರೆ. ವರಿಷ್ಠರ ಭೇಟಿ ಕುರಿತು ಪ್ರತಿಕ್ರಿಯೆ ನೀಡಲು ಅವರು ನಿರಾಕರಿಸಿದರು.

ಮುಂಬರುವ ದಿನಗಳಲ್ಲಿ ಮತ್ತಷ್ಟು ಮಹತ್ವದ ರಾಜಕೀಯ ಬೆಳವಣಿಗೆಗಳು ನಡೆಯಲಿವೆ ಎಂದು ವಿಶ್ಲೇಷಿಸಲಾಗುತ್ತಿದೆ.

ಸಾಗರ ಭಾಗದಲ್ಲಿ ಒಟ್ಟು 56,432 ಮಂದಿ ಈ ಯೋಜನೆಯ ಫಲಾನುಭವಿಗಳಿದ್ದು, ಮುಂದಿನ ದಿನಗಳಲ್ಲಿ ಹಂತ ಹಂತವಾಗಿ ಪರಿಹಾರ ವಿತರಿಸಲಾಗುವುದು ಎಂದು ಅಧಿಕಾರಿಗಳು ತಿಳಿಸಿದ್ದಾರೆ.

ಮನವಿ

ಭಾನುವಾರದವರೆಗೆ ನಡೆದ ಪ್ರತಿಭಟನೆಯಲ್ಲಿ ಕೆಲಸ ಸ್ಥಗಿತಗೊಂಡಿದ್ದು, ಸಮಸ್ಯೆ ಬಗೆಹರಿಸುವಂತೆ ಮುಖ್ಯಮಂತ್ರಿಗಳಿಗೆ ಮನವಿ ಸಲ್ಲಿಸಲಾಗಿದೆ.

ಸಾಗರ ಭಾಗದಲ್ಲಿ ಒಟ್ಟು 56,432 ಮಂದಿ ಈ ಯೋಜನೆಯ ಫಲಾನುಭವಿಗಳಿದ್ದು, ಮುಂದಿನ ದಿನಗಳಲ್ಲಿ ಹಂತ ಹಂತವಾಗಿ ಪರಿಹಾರ ವಿತರಿಸಲಾಗುವುದು ಎಂದು ಅಧಿಕಾರಿಗಳು ತಿಳಿಸಿದ್ದಾರೆ.

ಹೊಸ ರೂಲ್ಸ್

ಅರ್ಜಿದಾರರು ವಿನಾಕಾರಣ ಅಲೆದಾಡುವುದನ್ನು ತಪ್ಪಿಸಲು ಹೊಸ ನಿಯಮ ಜಾರಿಗೆ ತರಲಾಗಿದೆ. ಆನ್‌ಲೈನ್ ಮೂಲಕವೇ ಅರ್ಜಿ ಸಲ್ಲಿಸಿ, ನಿಗದಿತ ದಿನದಂದು ದಾಖಲೆ ಪರಿಶೀಲನೆಗೆ ಹಾಜರಾಗಬಹುದು.

ಈ ಕುರಿತು ಹೆಚ್ಚಿನ ಮಾಹಿತಿಯನ್ನು ಕಚೇರಿಯ ಸಹಾಯವಾಣಿ ಮೂಲಕ ಪಡೆಯಬಹುದು ಎಂದು ಅಧಿಕಾರಿಗಳು ಪ್ರಕಟಣೆಯಲ್ಲಿ ತಿಳಿಸಿದ್ದಾರೆ.

ಮತ್ತೆ ಸಕ್ರಿಯ ರಾಜಕೀಯಕ್ಕೆ ಅನಂತ್ ಕುಮಾರ್ ಹೆಗಡೆ
ಹಿಂದೂ ಸಂಗಮದ ಮೂಲಕ
2ನೇ ಇನ್ನಿಂಗ್ಸ್ ಆರಂಭಿಸಲು ಸಜ್ಜು

ಬೆಂಗಳೂರು: ಮಾಜಿ ಸಂಸದ ಹಾಗೂ ಕೇಂದ್ರದ ಮಾಜಿ ಸಚಿವ ಅನಂತ್ ಕುಮಾರ್ ಹೆಗಡೆ ಸಕ್ರಿಯ ರಾಜಕೀಯಕ್ಕೆ ಮರಳಲು ಸಜ್ಜಾಗಿದ್ದಾರೆ ಎಂಬ ಮಾತು ರಾಜಕೀಯ ವಲಯದಲ್ಲಿ ಜೋರಾಗಿ ಕೇಳಿಬರುತ್ತಿದೆ.

ಹಿಂದೂ ಸಂಗಮದ ಮೂಲಕ ರಾಜ್ಯ ಪ್ರವಾಸ ಆರಂಭಿಸಿರುವ ಅವರು, ಉತ್ತರ ಕನ್ನಡ ಜಿಲ್ಲೆಯ ವಿವಿಧೆಡೆ ಕಾರ್ಯಕ್ರಮಗಳಲ್ಲಿ ಭಾಗವಹಿಸುತ್ತಿದ್ದಾರೆ. ಇದು 2ನೇ ಇನ್ನಿಂಗ್ಸ್‌ನ ತಯಾರಿ ಎಂದು ವಿಶ್ಲೇಷಿಸಲಾಗುತ್ತಿದೆ.

ಭುವನೇಶ್ವರಿ ಜಾಗೃತಿ ಯಾತ್ರೆ: ಆಗಾಮಿ ದಿನಗಳಲ್ಲಿ ರಾಜ್ಯದ ವಿವಿಧ ಜಿಲ್ಲೆಗಳಲ್ಲಿ ಹಿಂದೂ ಸಂಗಮ ಕಾರ್ಯಕ್ರಮ ಆಯೋಜಿಸಲು ಸಿದ್ಧತೆ ನಡೆದಿದೆ. ಯುವಕರನ್ನು ಸಂಘಟಿಸುವ ಗುರಿ ಹೊಂದಲಾಗಿದೆ ಎಂದು ಮೂಲಗಳು ತಿಳಿಸಿವೆ.

ಸಾಮಾಜಿಕ ಜಾಲತಾಣಗಳಲ್ಲಿ ವ್ಯಾಪಕ ಚರ್ಚೆ: ಅನಂತ್ ಕುಮಾರ್ ಹೆಗಡೆ ಮತ್ತೆ ಸಕ್ರಿಯ ರಾಜಕೀಯಕ್ಕೆ ಬರಲಿದ್ದಾರೆ ಎಂಬ ಸುದ್ದಿ ಸಾಮಾಜಿಕ ಜಾಲತಾಣಗಳಲ್ಲಿ ವೈರಲ್ ಆಗಿದ್ದು, ಅಭಿಮಾನಿಗಳು ಸ್ವಾಗತಿಸಿದ್ದಾರೆ.

ಈ ಕುರಿತು ಪ್ರತಿಕ್ರಿಯಿಸಿದ ಬಿಜೆಪಿ ಮುಖಂಡರೊಬ್ಬರು, ಪಕ್ಷದ ವರಿಷ್ಠರ ನಿರ್ಧಾರದಂತೆ ಮುಂದಿನ ಹೆಜ್ಜೆ ಇಡಲಾಗುವುದು ಎಂದು ಹೇಳಿದರು.

ಒಂದು ಸಂಗತಿ ಕಾರ್ಯಕ್ರಮದ ಮೂಲಕ ಒಂದು ಹೆಜ್ಜೆ ಮುಂದೆ ಇಟ್ಟಿರುವ ಹೆಗಡೆ ಅವರ ನಡೆ ಕುತೂಹಲ ಮೂಡಿಸಿದೆ. ಪಕ್ಷದ ವೇದಿಕೆಗಳಿಂದ ದೂರ ಉಳಿದಿದ್ದ ಅವರು ಇದೀಗ ಸಾರ್ವಜನಿಕ ಕಾರ್ಯಕ್ರಮಗಳಲ್ಲಿ ಮತ್ತೆ ಕಾಣಿಸಿಕೊಳ್ಳುತ್ತಿದ್ದಾರೆ.

ಹಿಂದೂ ಸಂಗಮದ ಮೂಲಕ ರಾಜ್ಯ ಪ್ರವಾಸ ಆರಂಭಿಸಿರುವ ಅವರು, ಉತ್ತರ ಕನ್ನಡ ಜಿಲ್ಲೆಯ ವಿವಿಧೆಡೆ ಕಾರ್ಯಕ್ರಮಗಳಲ್ಲಿ ಭಾಗವಹಿಸುತ್ತಿದ್ದಾರೆ. ಇದು 2ನೇ ಇನ್ನಿಂಗ್ಸ್‌ನ ತಯಾರಿ ಎಂದು ವಿಶ್ಲೇಷಿಸಲಾಗುತ್ತಿದೆ.

ಈ ಕುರಿತು ಪ್ರತಿಕ್ರಿಯಿಸಿದ ಬಿಜೆಪಿ ಮುಖಂಡರೊಬ್ಬರು, ಪಕ್ಷದ ವರಿಷ್ಠರ ನಿರ್ಧಾರದಂತೆ ಮುಂದಿನ ಹೆಜ್ಜೆ ಇಡಲಾಗುವುದು ಎಂದು ಹೇಳಿದರು.

ಮಾ.2 ರಂದು ನಿಜ ಮಹಾತ್ಮ ಬಾಬಾ ಸಾಹೇಬ ನಾಟಕ
SHIVAMOGGA PRESS TRUST
ಶಿವಮೊಗ್ಗ ಪ್ರೆಸ್ ಟ್ರಸ್ಟ್

ಶಿವಮೊಗ್ಗ: ಶ್ರೀಗಂಧ ಸಾಂಸ್ಕೃತಿಕ ಸಂಸ್ಥೆ ವತಿಯಿಂದ ಮಾ.2ರಂದು ಸಂಜೆ 6 ಗಂಟೆಗೆ ಕುವೆಂಪು ರಂಗ ಮಂದಿರದಲ್ಲಿ 'ನಿಜ ಮಹಾತ್ಮ ಬಾಬಾ ಸಾಹೇಬ' ನಾಟಕ ಪ್ರದರ್ಶನ ಹಮ್ಮಿಕೊಳ್ಳಲಾಗಿದೆ ಎಂದು ಸಂಸ್ಥೆಯ ಅಧ್ಯಕ್ಷ ಜಾಂಬಿ ಕೆ.ಇ. ಕಾಂತೇಶ್ ಹೇಳಿದರು.

ಅವರು ಪ್ರೆಸ್ ಟ್ರಸ್ಟಿನಲ್ಲಿ ಗುರುವಾರ ಸುದ್ದಿಗೋಷ್ಠಿಯಲ್ಲಿ ಮಾತನಾಡಿ, ಭಾರತ ರತ್ನ ಬಿ.ಆರ್. ಅಂಬೇಡ್ಕರ್ ಅವರ ನೈಜ ಘಟನೆಗಳನ್ನು ಆಧಾರವಾಗಿ ಇಟ್ಟುಕೊಂಡು ಈ ನಾಟಕವನ್ನು ಸಿದ್ಧಪಡಿಸಲಾಗಿದೆ. ಅವರ ಹೋರಾಟ, ಸಿದ್ಧಾಂತ ಮತ್ತು ರಾಷ್ಟ್ರಪ್ರೇಮದ ಹಲವು ಮಜಲುಗಳನ್ನು ನಾಟಕ ಅನಾವರಣಗೊಳಿಸುತ್ತದೆ ಎಂದರು.

ನಾಟಕ ಪ್ರದರ್ಶನದ ಅಧ್ಯಕ್ಷತೆಯನ್ನು ಕೆ.ಎಸ್. ಈಶ್ವರಪ್ಪ ವಹಿಸಲಿದ್ದಾರೆ. ಈ ನಾಟಕಕ್ಕೆ ಸಾರ್ವಜನಿಕರಿಗೆ ಪ್ರವೇಶ ಉಚಿತವಾಗಿದೆ. ಆದರೆ, ಗೌರವ ಪ್ರವೇಶ ಪತ್ರವನ್ನು ನೀಡಲಾಗುವುದು. ಆದ್ದರಿಂದ ರಂಗ ಪ್ರೇಮಿಗಳು ಗೌರವ ಪ್ರವೇಶ ಪಡೆದು ಪ್ರದರ್ಶನಕ್ಕೆ 10 ನಿಮಿಷ ಮುಂಚೆಯೇ ಆಗಮಿಸಬೇಕು ಎಂದು ಮನವಿ ಮಾಡಿದರು.

ಹೆಚ್ಚಿನ ವಿವರ ಮತ್ತು ಉಚಿತ ಗೌರವ ಪ್ರವೇಶ ಪತ್ರಕ್ಕಾಗಿ ಮೊ.ಸಂ. 98861 77311, 9980317382 ಇವರಿಗೆ ಸಂಪರ್ಕಿಸಬಹುದು ಎಂದು ತಿಳಿಸಿದರು.
